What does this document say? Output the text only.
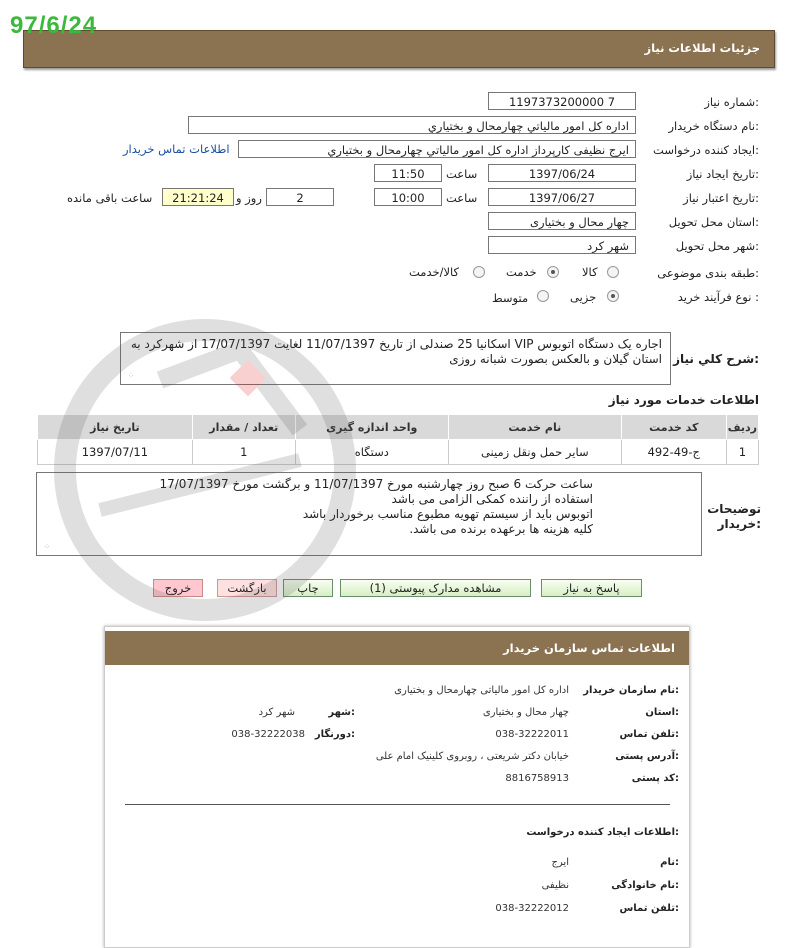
97/6/24
جزئیات اطلاعات نیاز
شماره نیاز:
1197373200000 7
نام دستگاه خریدار:
اداره کل امور مالياتي چهارمحال و بختياري
ایجاد کننده درخواست:
ایرج نظیفی کارپرداز اداره کل امور مالياتي چهارمحال و بختياري
اطلاعات تماس خریدار
تاریخ ایجاد نیاز:
1397/06/24
ساعت
11:50
تاریخ اعتبار نیاز:
1397/06/27
ساعت
10:00
2
روز و
21:21:24
ساعت باقی مانده
استان محل تحویل:
چهار محال و بختیاری
شهر محل تحویل:
شهر کرد
طبقه بندی موضوعی:
کالا
خدمت
کالا/خدمت
نوع فرآیند خرید :
جزیی
متوسط
شرح کلي نياز:
اجاره یک دستگاه اتوبوس VIP اسکانیا 25 صندلی از تاریخ 11/07/1397 لغایت 17/07/1397 از شهرکرد به
استان گیلان و بالعکس بصورت شبانه روزی
⁘
اطلاعات خدمات مورد نیاز
ردیف	کد خدمت	نام خدمت	واحد اندازه گیری	تعداد / مقدار	تاریخ نیاز
1	ج-49-492	سایر حمل ونقل زمینی	دستگاه	1	1397/07/11
توضیحات
خریدار:
ساعت حرکت 6 صبح روز چهارشنبه مورخ 11/07/1397 و برگشت مورخ 17/07/1397
استفاده از راننده کمکی الزامی می باشد
اتوبوس باید از سیستم تهویه مطبوع مناسب برخوردار باشد
کلیه هزینه ها برعهده برنده می باشد.
⁘
پاسخ به نیاز
مشاهده مدارک پیوستی (1)
چاپ
بازگشت
خروج
اطلاعات تماس سازمان خریدار
نام سازمان خریدار:
اداره کل امور مالیاتی چهارمحال و بختیاری
استان:
چهار محال و بختیاری
شهر:
شهر کرد
تلفن تماس:
038-32222011
دورنگار:
038-32222038
آدرس پستی:
خیابان دکتر شریعتی ، روبروی کلینیک امام علی
کد پستی:
8816758913
اطلاعات ایجاد کننده درخواست:
نام:
ایرج
نام خانوادگی:
نظیفی
تلفن تماس:
038-32222012
